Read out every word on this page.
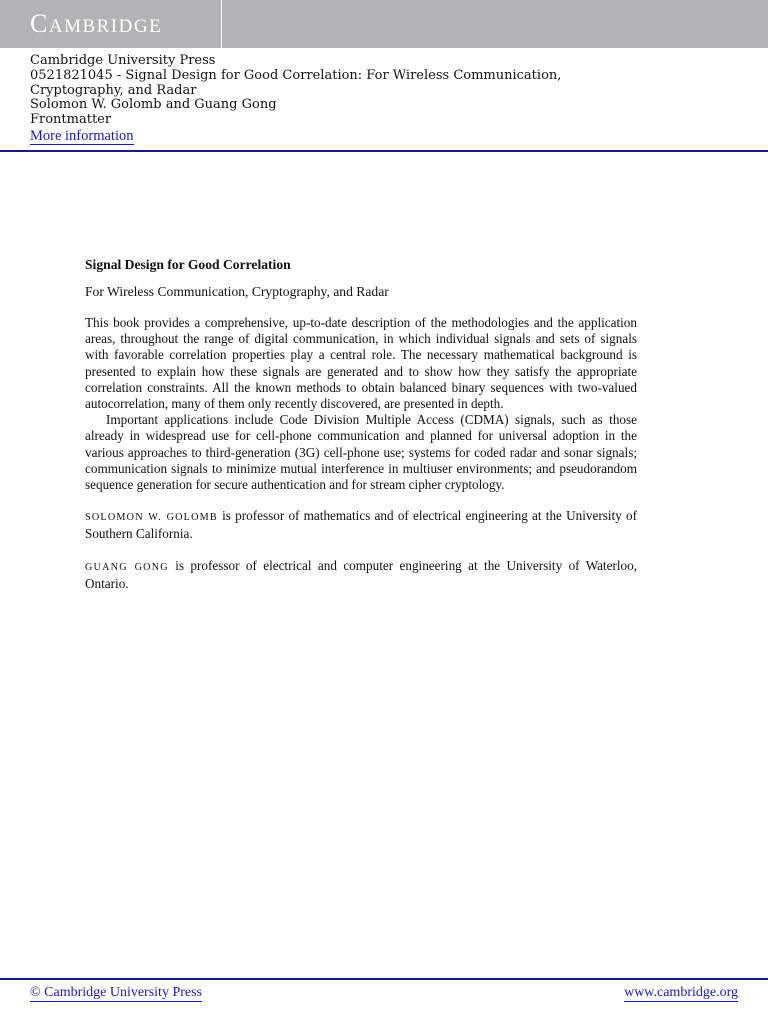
CAMBRIDGE
Cambridge University Press
0521821045 - Signal Design for Good Correlation: For Wireless Communication,
Cryptography, and Radar
Solomon W. Golomb and Guang Gong
Frontmatter
More information

Signal Design for Good Correlation

For Wireless Communication, Cryptography, and Radar

This book provides a comprehensive, up-to-date description of the methodologies and the application areas, throughout the range of digital communication, in which individual signals and sets of signals with favorable correlation properties play a central role. The necessary mathematical background is presented to explain how these signals are generated and to show how they satisfy the appropriate correlation constraints. All the known methods to obtain balanced binary sequences with two-valued autocorrelation, many of them only recently discovered, are presented in depth.

Important applications include Code Division Multiple Access (CDMA) signals, such as those already in widespread use for cell-phone communication and planned for universal adoption in the various approaches to third-generation (3G) cell-phone use; systems for coded radar and sonar signals; communication signals to minimize mutual interference in multiuser environments; and pseudorandom sequence generation for secure authentication and for stream cipher cryptology.

SOLOMON W. GOLOMB is professor of mathematics and of electrical engineering at the University of Southern California.

GUANG GONG is professor of electrical and computer engineering at the University of Waterloo, Ontario.

© Cambridge University Press	www.cambridge.org
